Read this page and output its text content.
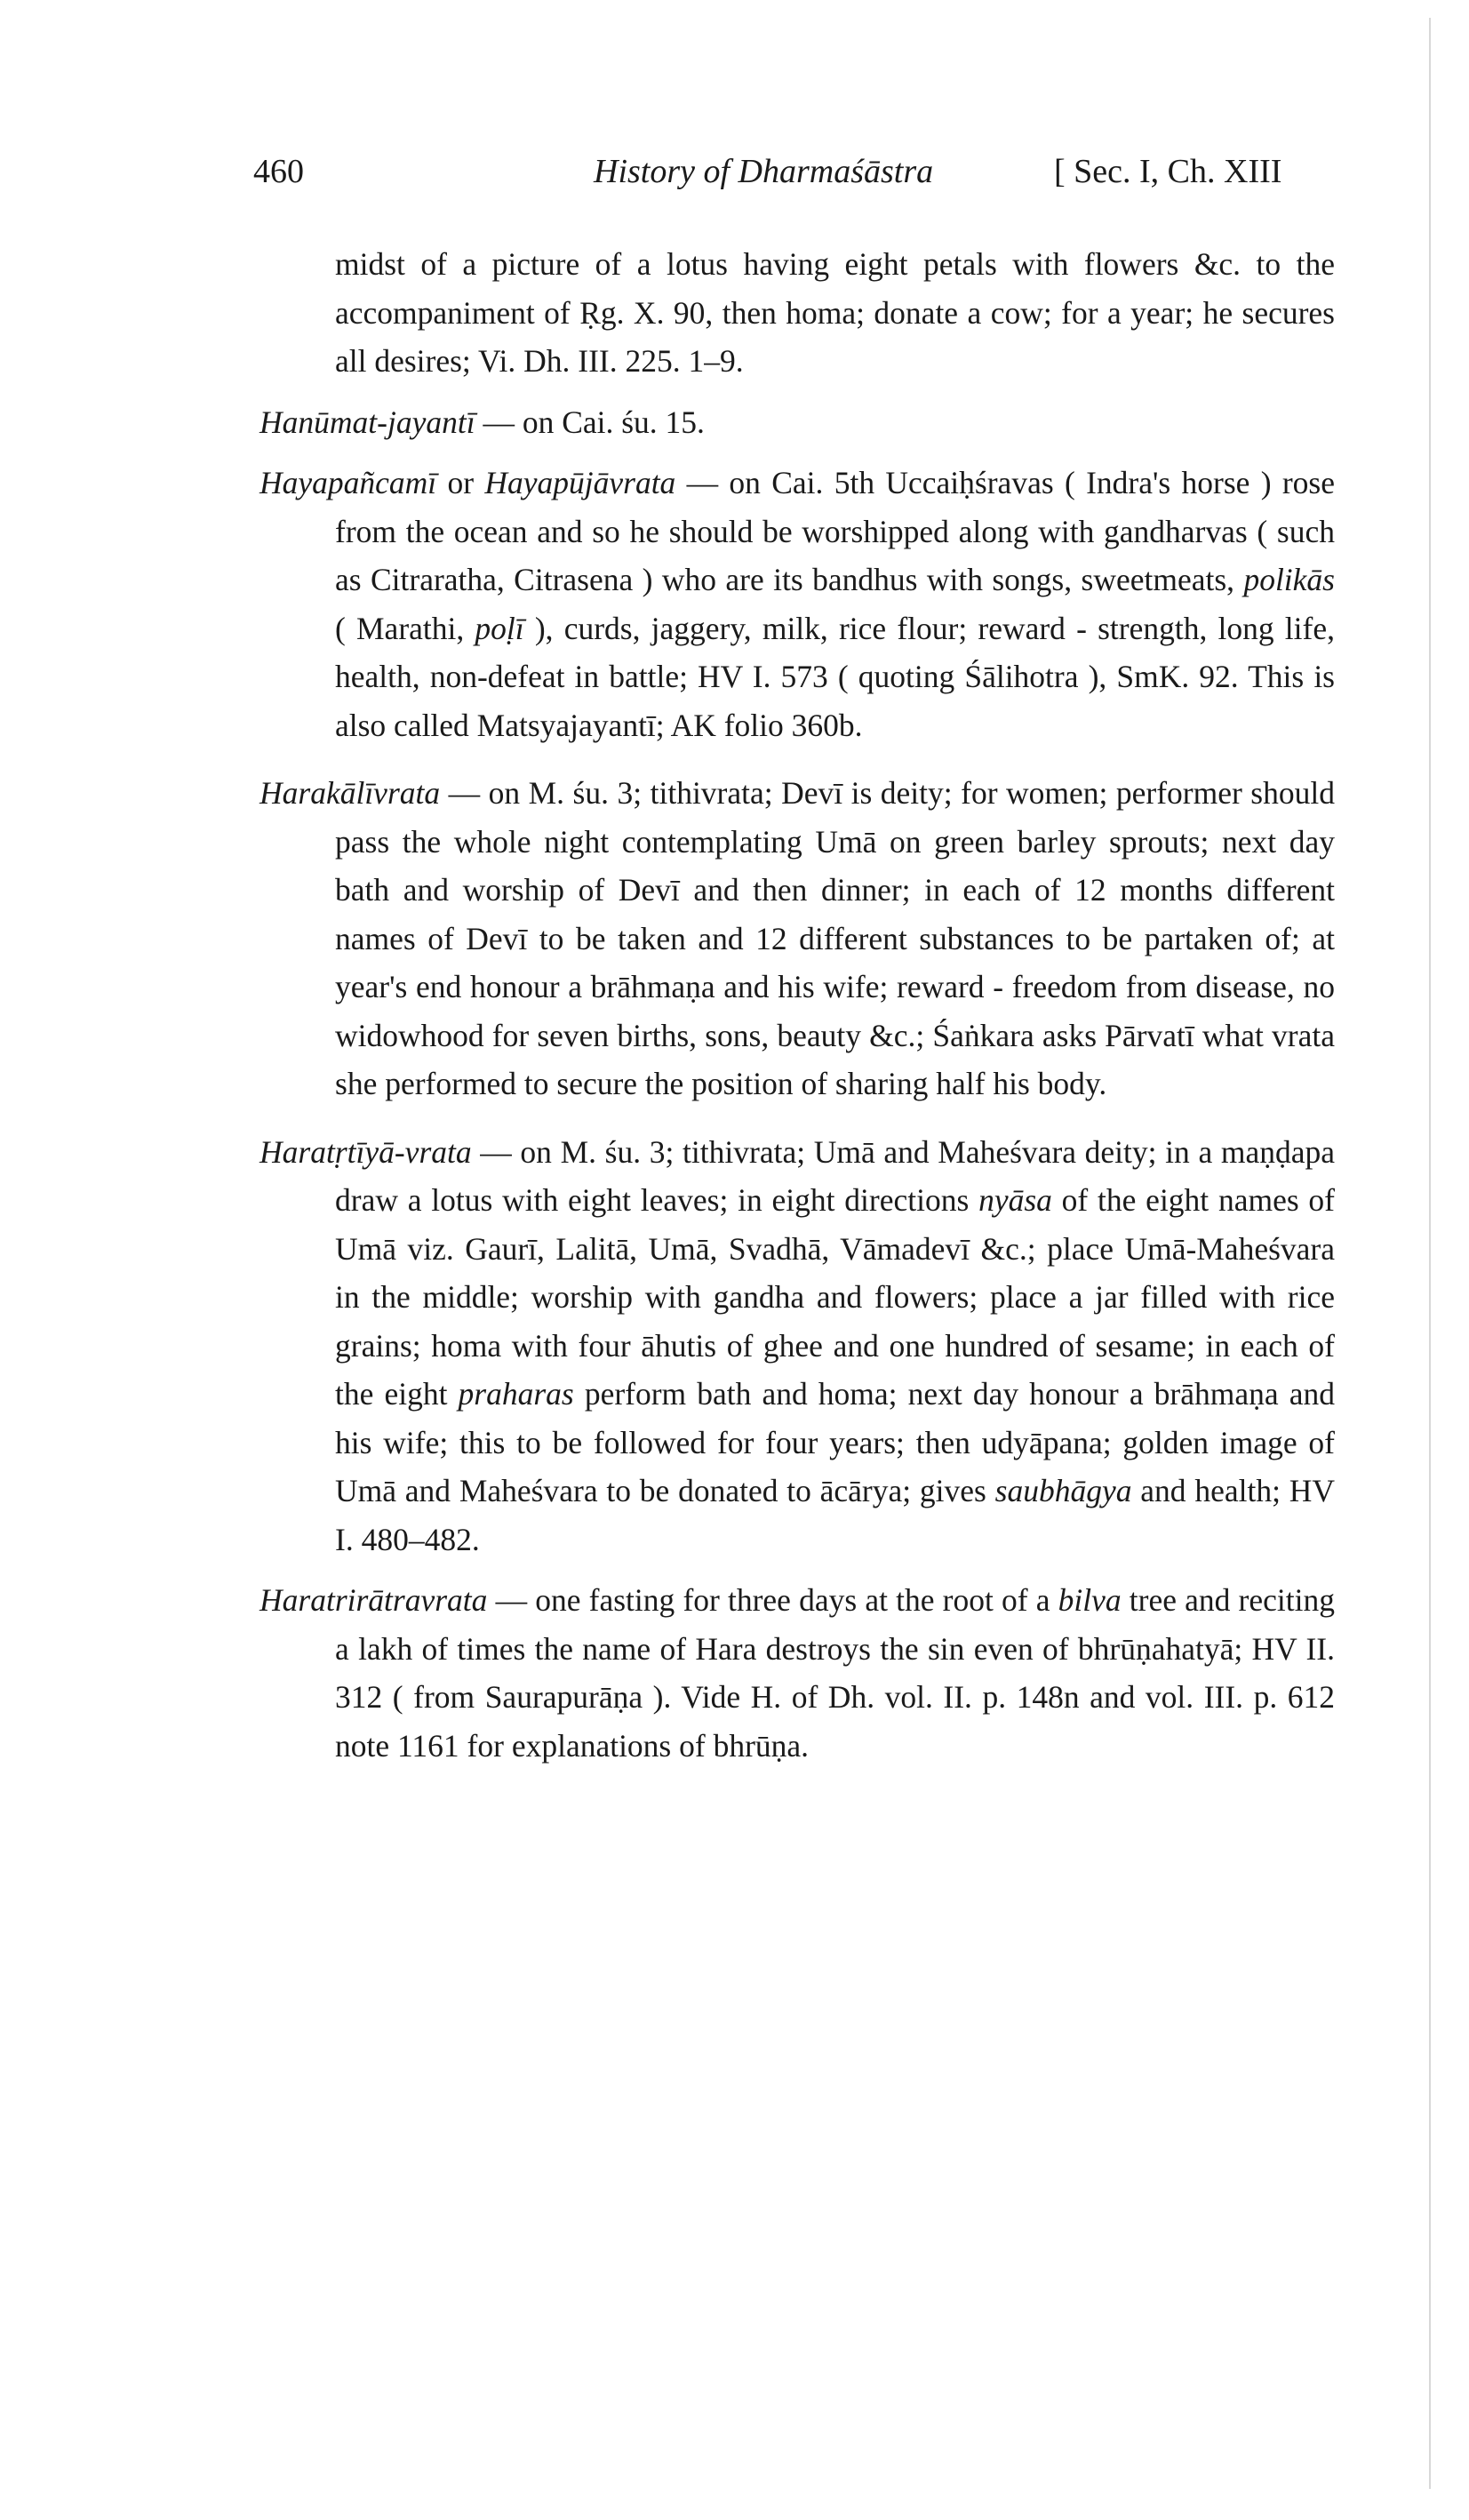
460	History of Dharmaśāstra	[ Sec. I, Ch. XIII

midst of a picture of a lotus having eight petals with flowers &c. to the accompaniment of Ṛg. X. 90, then homa; donate a cow; for a year; he secures all desires; Vi. Dh. III. 225. 1–9.

Hanūmat-jayantī — on Cai. śu. 15.

Hayapañcamī or Hayapūjāvrata — on Cai. 5th Uccaiḥśravas ( Indra's horse ) rose from the ocean and so he should be worshipped along with gandharvas ( such as Citraratha, Citrasena ) who are its bandhus with songs, sweetmeats, polikās ( Marathi, poḷī ), curds, jaggery, milk, rice flour; reward - strength, long life, health, non-defeat in battle; HV I. 573 ( quoting Śālihotra ), SmK. 92. This is also called Matsyajayantī; AK folio 360b.

Harakālīvrata — on M. śu. 3; tithivrata; Devī is deity; for women; performer should pass the whole night contemplating Umā on green barley sprouts; next day bath and worship of Devī and then dinner; in each of 12 months different names of Devī to be taken and 12 different substances to be partaken of; at year's end honour a brāhmaṇa and his wife; reward - freedom from disease, no widowhood for seven births, sons, beauty &c.; Śaṅkara asks Pārvatī what vrata she performed to secure the position of sharing half his body.

Haratṛtīyā-vrata — on M. śu. 3; tithivrata; Umā and Maheśvara deity; in a maṇḍapa draw a lotus with eight leaves; in eight directions nyāsa of the eight names of Umā viz. Gaurī, Lalitā, Umā, Svadhā, Vāmadevī &c.; place Umā-Maheśvara in the middle; worship with gandha and flowers; place a jar filled with rice grains; homa with four āhutis of ghee and one hundred of sesame; in each of the eight praharas perform bath and homa; next day honour a brāhmaṇa and his wife; this to be followed for four years; then udyāpana; golden image of Umā and Maheśvara to be donated to ācārya; gives saubhāgya and health; HV I. 480–482.

Haratrirātravrata — one fasting for three days at the root of a bilva tree and reciting a lakh of times the name of Hara destroys the sin even of bhrūṇahatyā; HV II. 312 ( from Saurapurāṇa ). Vide H. of Dh. vol. II. p. 148n and vol. III. p. 612 note 1161 for explanations of bhrūṇa.
